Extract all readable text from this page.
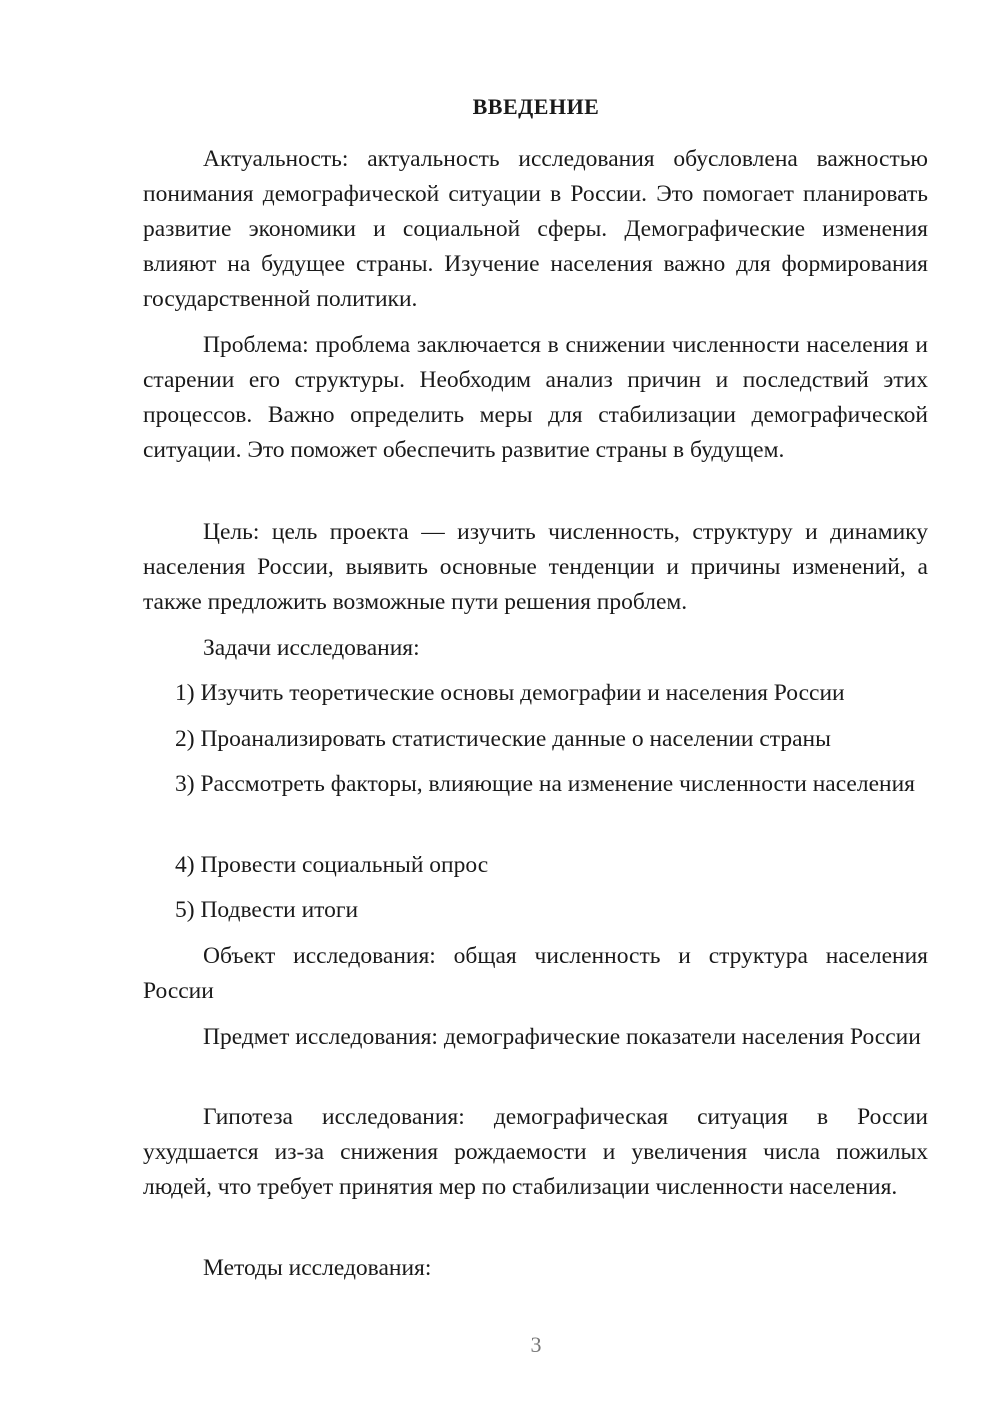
ВВЕДЕНИЕ

Актуальность: актуальность исследования обусловлена важностью понимания демографической ситуации в России. Это помогает планировать развитие экономики и социальной сферы. Демографические изменения влияют на будущее страны. Изучение населения важно для формирования государственной политики.

Проблема: проблема заключается в снижении численности населения и старении его структуры. Необходим анализ причин и последствий этих процессов. Важно определить меры для стабилизации демографической ситуации. Это поможет обеспечить развитие страны в будущем.

Цель: цель проекта — изучить численность, структуру и динамику населения России, выявить основные тенденции и причины изменений, а также предложить возможные пути решения проблем.

Задачи исследования:

1) Изучить теоретические основы демографии и населения России

2) Проанализировать статистические данные о населении страны

3) Рассмотреть факторы, влияющие на изменение численности населения

4) Провести социальный опрос

5) Подвести итоги

Объект исследования: общая численность и структура населения России

Предмет исследования: демографические показатели населения России

Гипотеза исследования: демографическая ситуация в России ухудшается из-за снижения рождаемости и увеличения числа пожилых людей, что требует принятия мер по стабилизации численности населения.

Методы исследования:

3
